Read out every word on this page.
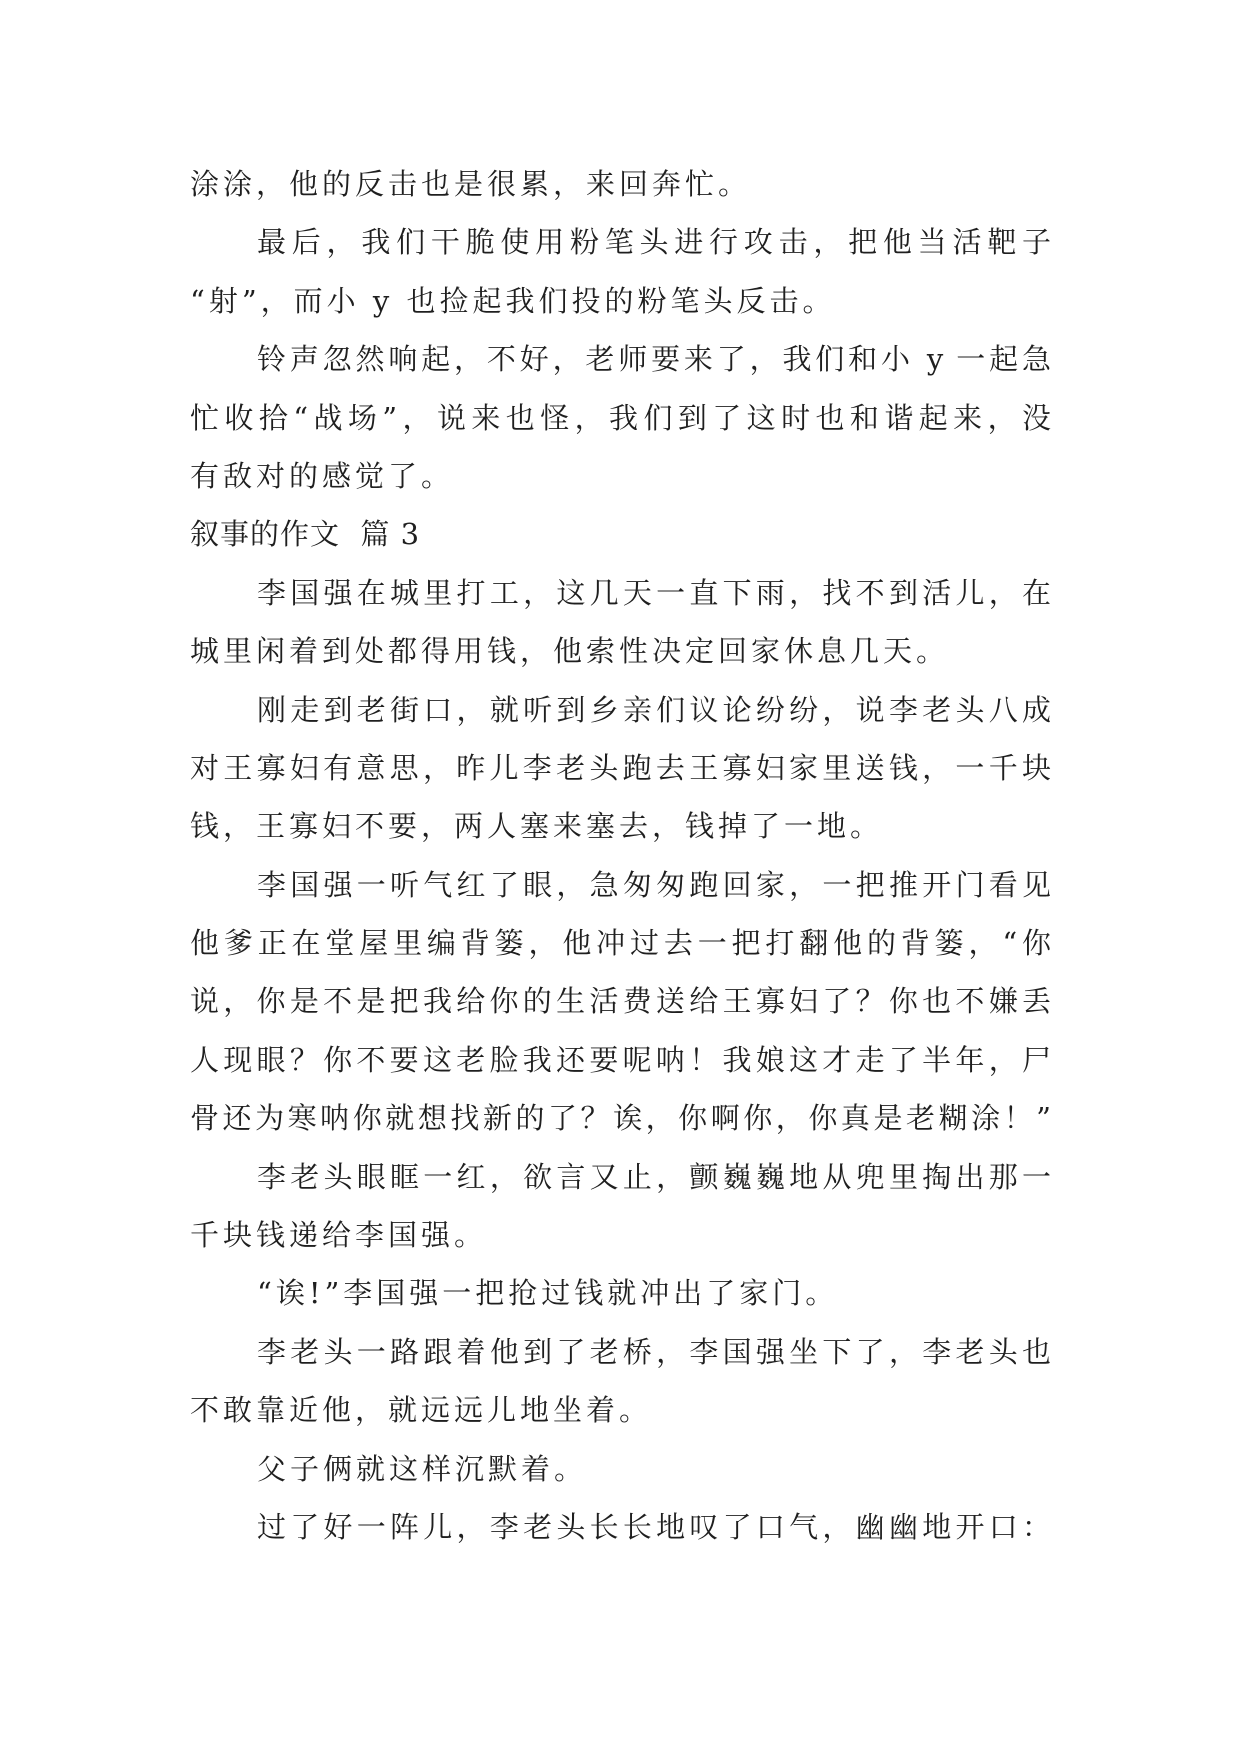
涂涂，他的反击也是很累，来回奔忙。
最后，我们干脆使用粉笔头进行攻击，把他当活靶子
“射”，而小 y 也捡起我们投的粉笔头反击。
铃声忽然响起，不好，老师要来了，我们和小 y 一起急
忙收拾“战场”，说来也怪，我们到了这时也和谐起来，没
有敌对的感觉了。
叙事的作文  篇 3
李国强在城里打工，这几天一直下雨，找不到活儿，在
城里闲着到处都得用钱，他索性决定回家休息几天。
刚走到老街口，就听到乡亲们议论纷纷，说李老头八成
对王寡妇有意思，昨儿李老头跑去王寡妇家里送钱，一千块
钱，王寡妇不要，两人塞来塞去，钱掉了一地。
李国强一听气红了眼，急匆匆跑回家，一把推开门看见
他爹正在堂屋里编背篓，他冲过去一把打翻他的背篓，“你
说，你是不是把我给你的生活费送给王寡妇了？你也不嫌丢
人现眼？你不要这老脸我还要呢呐！我娘这才走了半年，尸
骨还为寒呐你就想找新的了？诶，你啊你，你真是老糊涂！”
李老头眼眶一红，欲言又止，颤巍巍地从兜里掏出那一
千块钱递给李国强。
“诶!”李国强一把抢过钱就冲出了家门。
李老头一路跟着他到了老桥，李国强坐下了，李老头也
不敢靠近他，就远远儿地坐着。
父子俩就这样沉默着。
过了好一阵儿，李老头长长地叹了口气，幽幽地开口：
